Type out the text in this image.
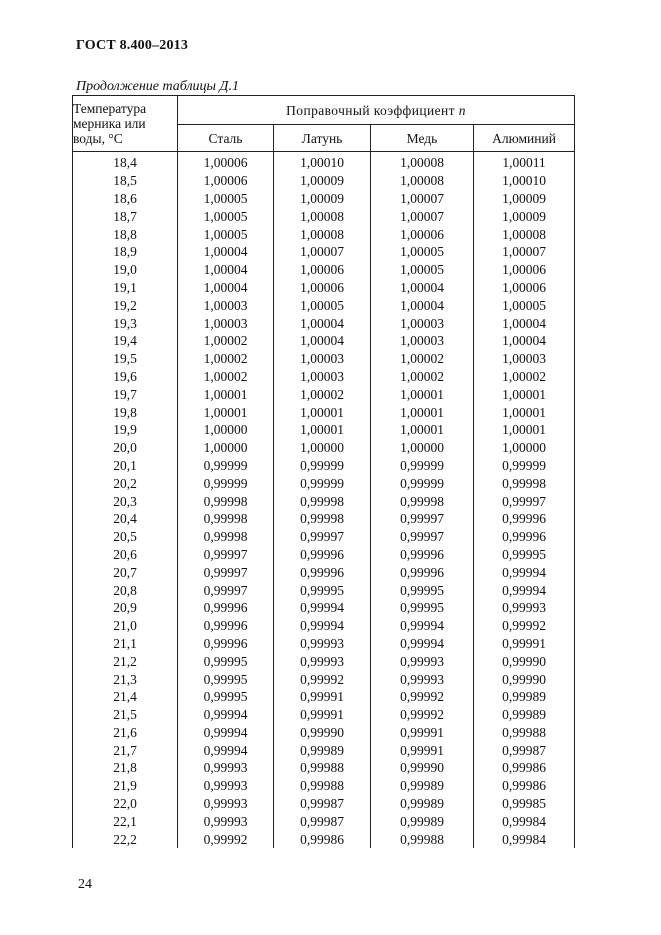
ГОСТ 8.400–2013
Продолжение таблицы Д.1
Температура мерника или воды, °С	Поправочный коэффициент n			
	Сталь	Латунь	Медь	Алюминий
18,4	1,00006	1,00010	1,00008	1,00011
18,5	1,00006	1,00009	1,00008	1,00010
18,6	1,00005	1,00009	1,00007	1,00009
18,7	1,00005	1,00008	1,00007	1,00009
18,8	1,00005	1,00008	1,00006	1,00008
18,9	1,00004	1,00007	1,00005	1,00007
19,0	1,00004	1,00006	1,00005	1,00006
19,1	1,00004	1,00006	1,00004	1,00006
19,2	1,00003	1,00005	1,00004	1,00005
19,3	1,00003	1,00004	1,00003	1,00004
19,4	1,00002	1,00004	1,00003	1,00004
19,5	1,00002	1,00003	1,00002	1,00003
19,6	1,00002	1,00003	1,00002	1,00002
19,7	1,00001	1,00002	1,00001	1,00001
19,8	1,00001	1,00001	1,00001	1,00001
19,9	1,00000	1,00001	1,00001	1,00001
20,0	1,00000	1,00000	1,00000	1,00000
20,1	0,99999	0,99999	0,99999	0,99999
20,2	0,99999	0,99999	0,99999	0,99998
20,3	0,99998	0,99998	0,99998	0,99997
20,4	0,99998	0,99998	0,99997	0,99996
20,5	0,99998	0,99997	0,99997	0,99996
20,6	0,99997	0,99996	0,99996	0,99995
20,7	0,99997	0,99996	0,99996	0,99994
20,8	0,99997	0,99995	0,99995	0,99994
20,9	0,99996	0,99994	0,99995	0,99993
21,0	0,99996	0,99994	0,99994	0,99992
21,1	0,99996	0,99993	0,99994	0,99991
21,2	0,99995	0,99993	0,99993	0,99990
21,3	0,99995	0,99992	0,99993	0,99990
21,4	0,99995	0,99991	0,99992	0,99989
21,5	0,99994	0,99991	0,99992	0,99989
21,6	0,99994	0,99990	0,99991	0,99988
21,7	0,99994	0,99989	0,99991	0,99987
21,8	0,99993	0,99988	0,99990	0,99986
21,9	0,99993	0,99988	0,99989	0,99986
22,0	0,99993	0,99987	0,99989	0,99985
22,1	0,99993	0,99987	0,99989	0,99984
22,2	0,99992	0,99986	0,99988	0,99984
24
